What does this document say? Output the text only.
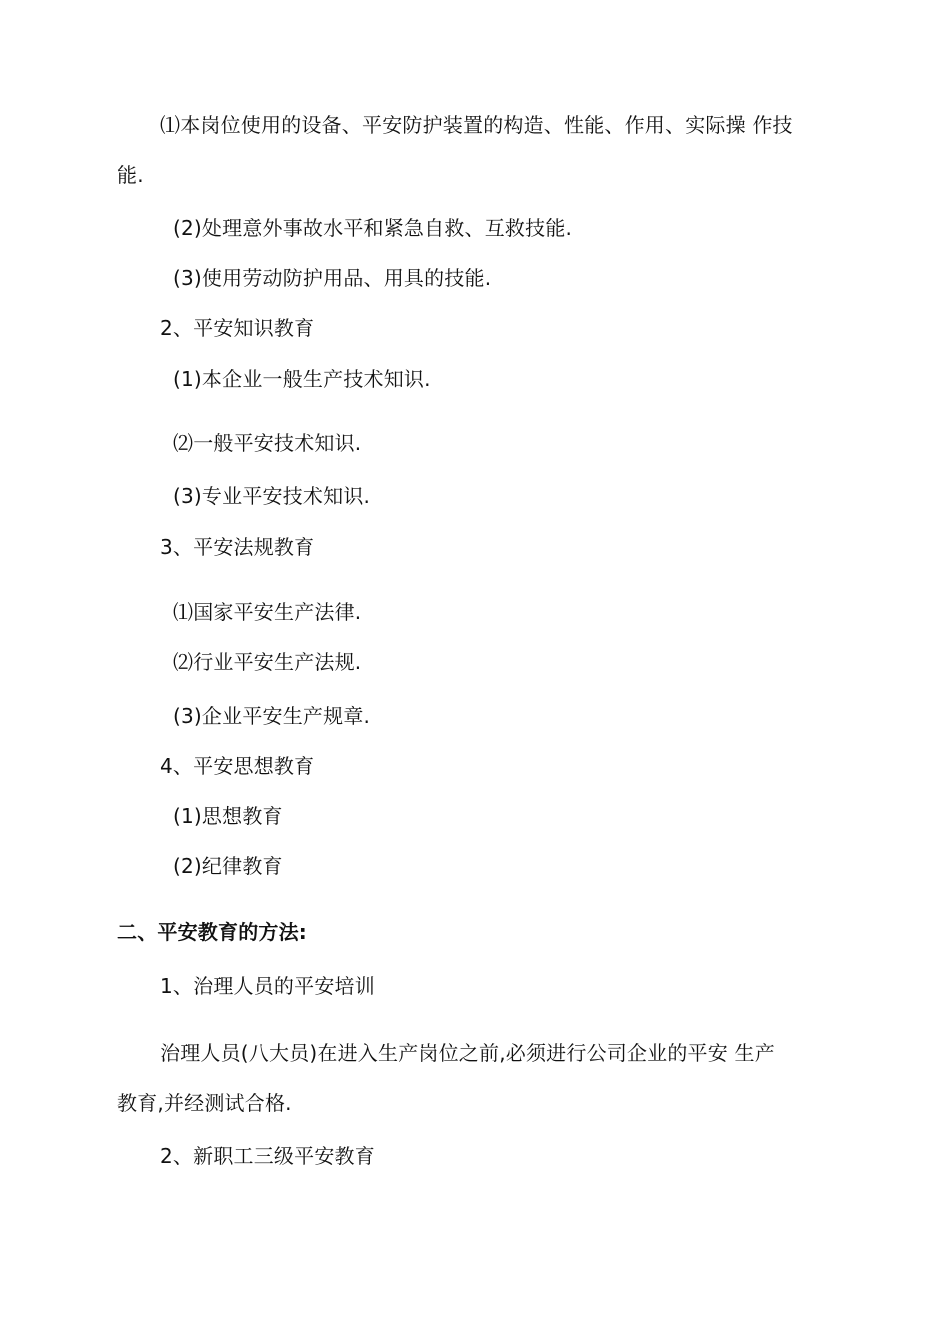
⑴本岗位使用的设备、平安防护装置的构造、性能、作用、实际操 作技
能.
(2)处理意外事故水平和紧急自救、互救技能.
(3)使用劳动防护用品、用具的技能.
2、平安知识教育
(1)本企业一般生产技术知识.
⑵一般平安技术知识.
(3)专业平安技术知识.
3、平安法规教育
⑴国家平安生产法律.
⑵行业平安生产法规.
(3)企业平安生产规章.
4、平安思想教育
(1)思想教育
(2)纪律教育
二、平安教育的方法:
1、治理人员的平安培训
治理人员(八大员)在进入生产岗位之前,必须进行公司企业的平安 生产
教育,并经测试合格.
2、新职工三级平安教育
